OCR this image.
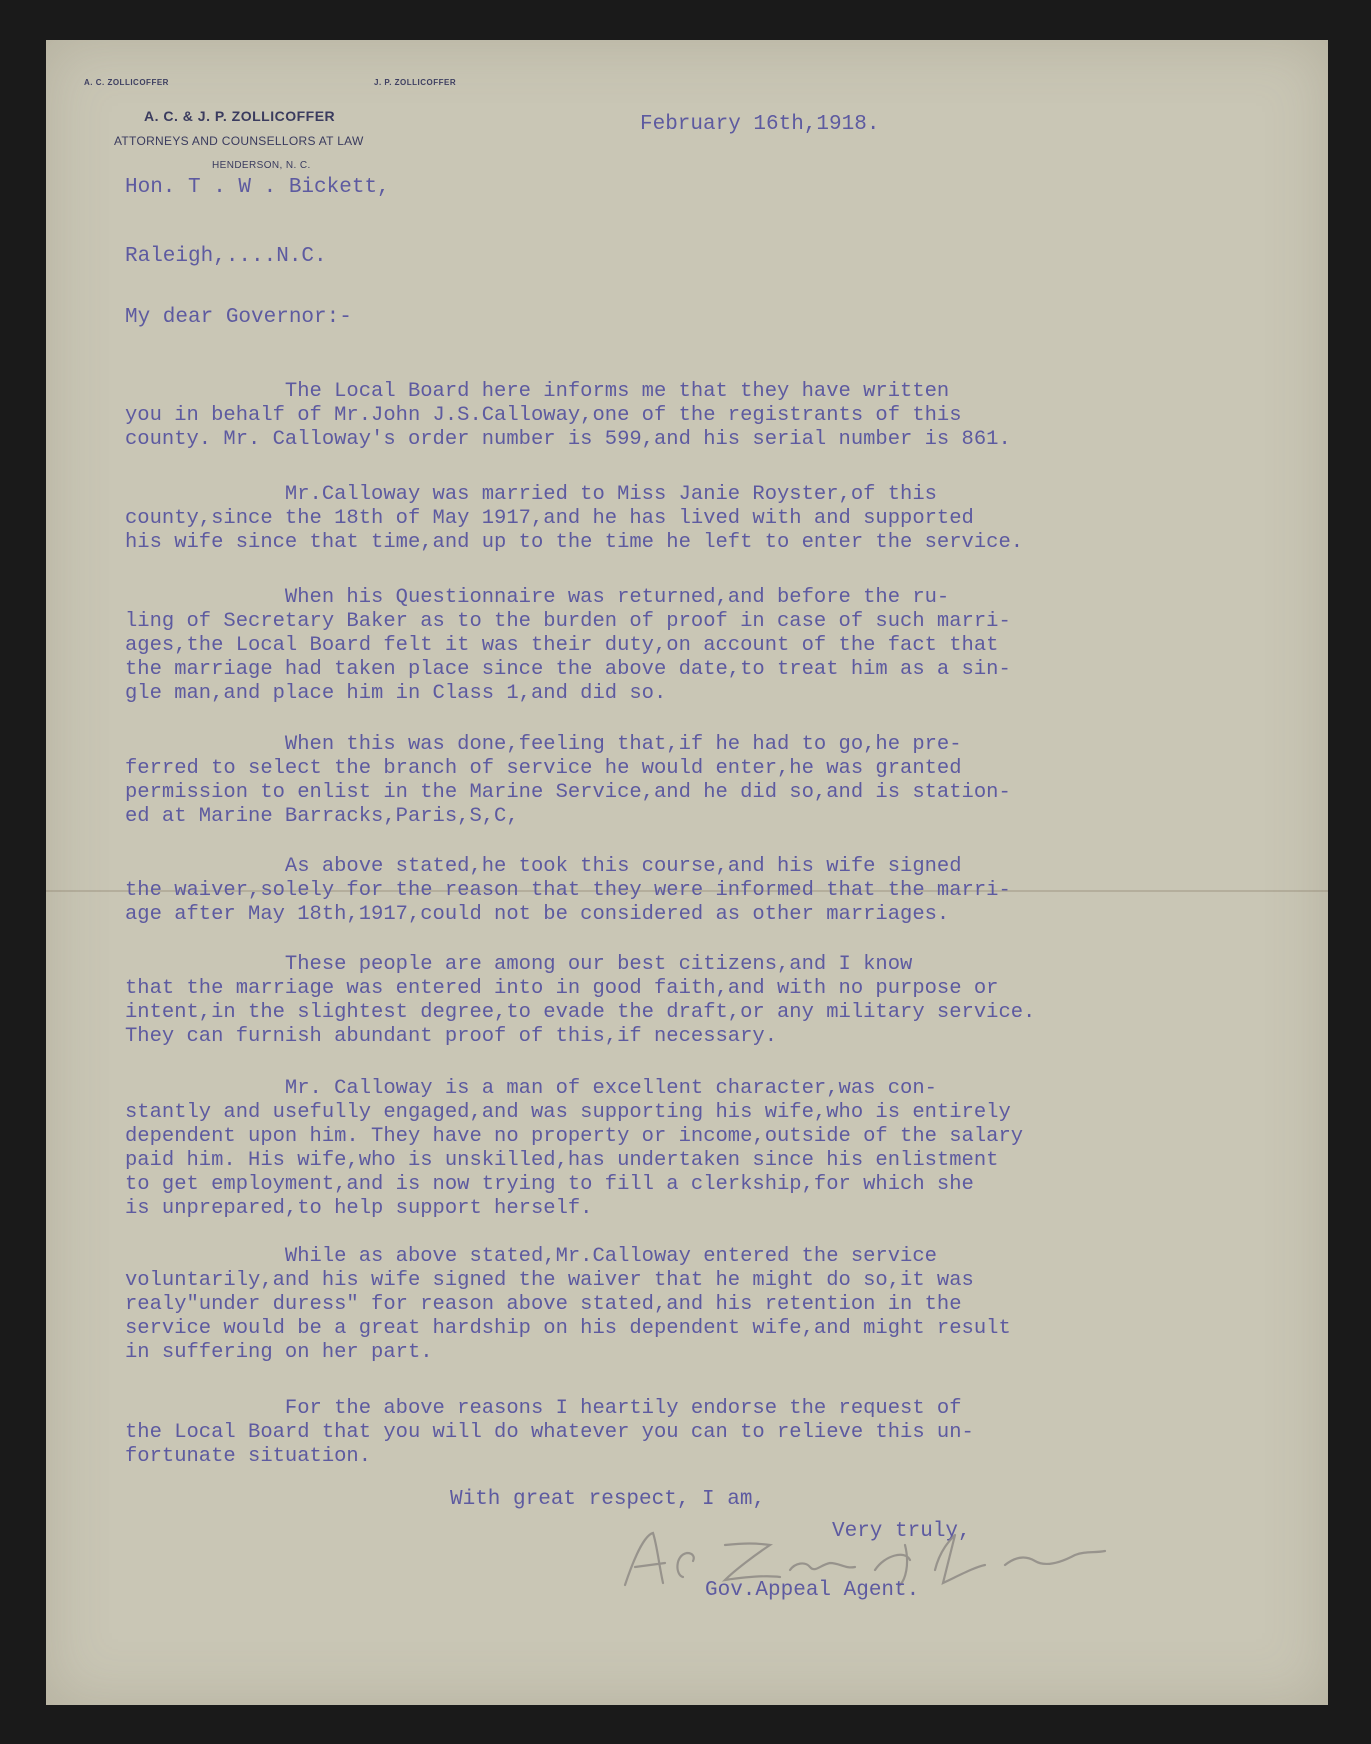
A. C. ZOLLICOFFER	J. P. ZOLLICOFFER
A. C. & J. P. ZOLLICOFFER
ATTORNEYS AND COUNSELLORS AT LAW
HENDERSON, N. C.
February 16th,1918.
Hon. T . W . Bickett,
Raleigh,....N.C.
My dear Governor:-
The Local Board here informs me that they have written
you in behalf of Mr.John J.S.Calloway,one of the registrants of this
county. Mr. Calloway's order number is 599,and his serial number is 861.
Mr.Calloway was married to Miss Janie Royster,of this
county,since the 18th of May 1917,and he has lived with and supported
his wife since that time,and up to the time he left to enter the service.
When his Questionnaire was returned,and before the ru-
ling of Secretary Baker as to the burden of proof in case of such marri-
ages,the Local Board felt it was their duty,on account of the fact that
the marriage had taken place since the above date,to treat him as a sin-
gle man,and place him in Class 1,and did so.
When this was done,feeling that,if he had to go,he pre-
ferred to select the branch of service he would enter,he was granted
permission to enlist in the Marine Service,and he did so,and is station-
ed at Marine Barracks,Paris,S,C,
As above stated,he took this course,and his wife signed
the waiver,solely for the reason that they were informed that the marri-
age after May 18th,1917,could not be considered as other marriages.
These people are among our best citizens,and I know
that the marriage was entered into in good faith,and with no purpose or
intent,in the slightest degree,to evade the draft,or any military service.
They can furnish abundant proof of this,if necessary.
Mr. Calloway is a man of excellent character,was con-
stantly and usefully engaged,and was supporting his wife,who is entirely
dependent upon him. They have no property or income,outside of the salary
paid him. His wife,who is unskilled,has undertaken since his enlistment
to get employment,and is now trying to fill a clerkship,for which she
is unprepared,to help support herself.
While as above stated,Mr.Calloway entered the service
voluntarily,and his wife signed the waiver that he might do so,it was
realy"under duress" for reason above stated,and his retention in the
service would be a great hardship on his dependent wife,and might result
in suffering on her part.
For the above reasons I heartily endorse the request of
the Local Board that you will do whatever you can to relieve this un-
fortunate situation.
With great respect, I am,
Very truly,
A. C. Zollicoffer
Gov.Appeal Agent.
